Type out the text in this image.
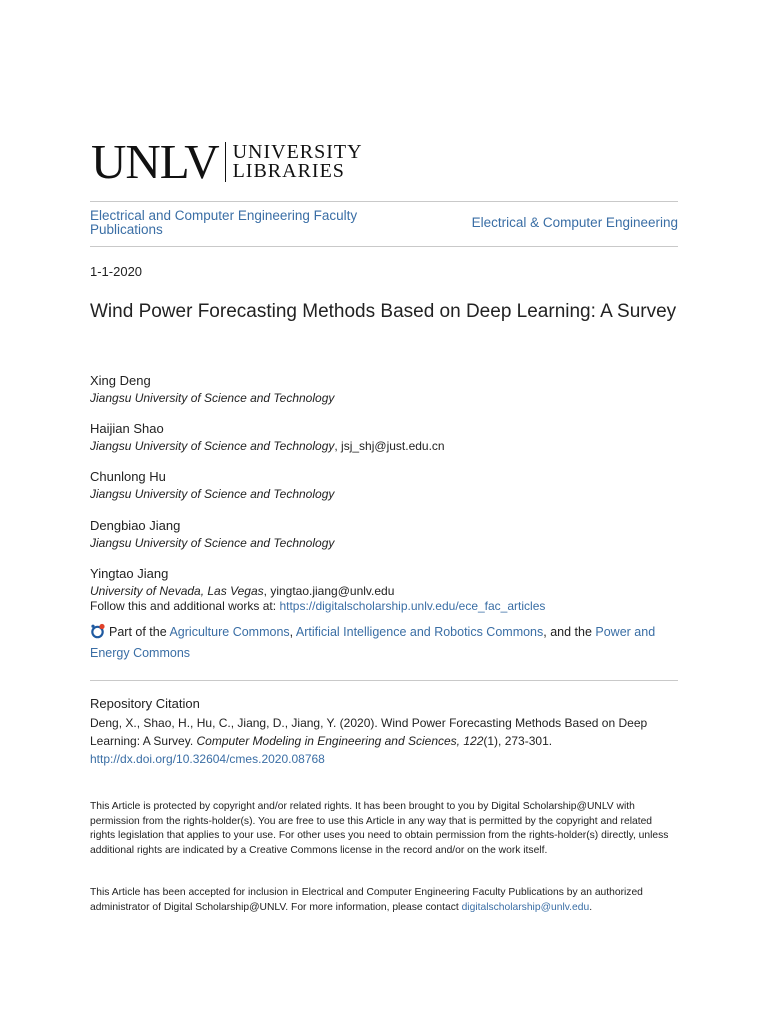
UNLV UNIVERSITY
LIBRARIES
Electrical and Computer Engineering Faculty Publications	Electrical & Computer Engineering
1-1-2020
Wind Power Forecasting Methods Based on Deep Learning: A Survey
Xing Deng
Jiangsu University of Science and Technology
Haijian Shao
Jiangsu University of Science and Technology, jsj_shj@just.edu.cn
Chunlong Hu
Jiangsu University of Science and Technology
Dengbiao Jiang
Jiangsu University of Science and Technology
Yingtao Jiang
University of Nevada, Las Vegas, yingtao.jiang@unlv.edu
Follow this and additional works at: https://digitalscholarship.unlv.edu/ece_fac_articles
Part of the Agriculture Commons, Artificial Intelligence and Robotics Commons, and the Power and Energy Commons
Repository Citation
Deng, X., Shao, H., Hu, C., Jiang, D., Jiang, Y. (2020). Wind Power Forecasting Methods Based on Deep Learning: A Survey. Computer Modeling in Engineering and Sciences, 122(1), 273-301.
http://dx.doi.org/10.32604/cmes.2020.08768
This Article is protected by copyright and/or related rights. It has been brought to you by Digital Scholarship@UNLV with permission from the rights-holder(s). You are free to use this Article in any way that is permitted by the copyright and related rights legislation that applies to your use. For other uses you need to obtain permission from the rights-holder(s) directly, unless additional rights are indicated by a Creative Commons license in the record and/or on the work itself.
This Article has been accepted for inclusion in Electrical and Computer Engineering Faculty Publications by an authorized administrator of Digital Scholarship@UNLV. For more information, please contact digitalscholarship@unlv.edu.
